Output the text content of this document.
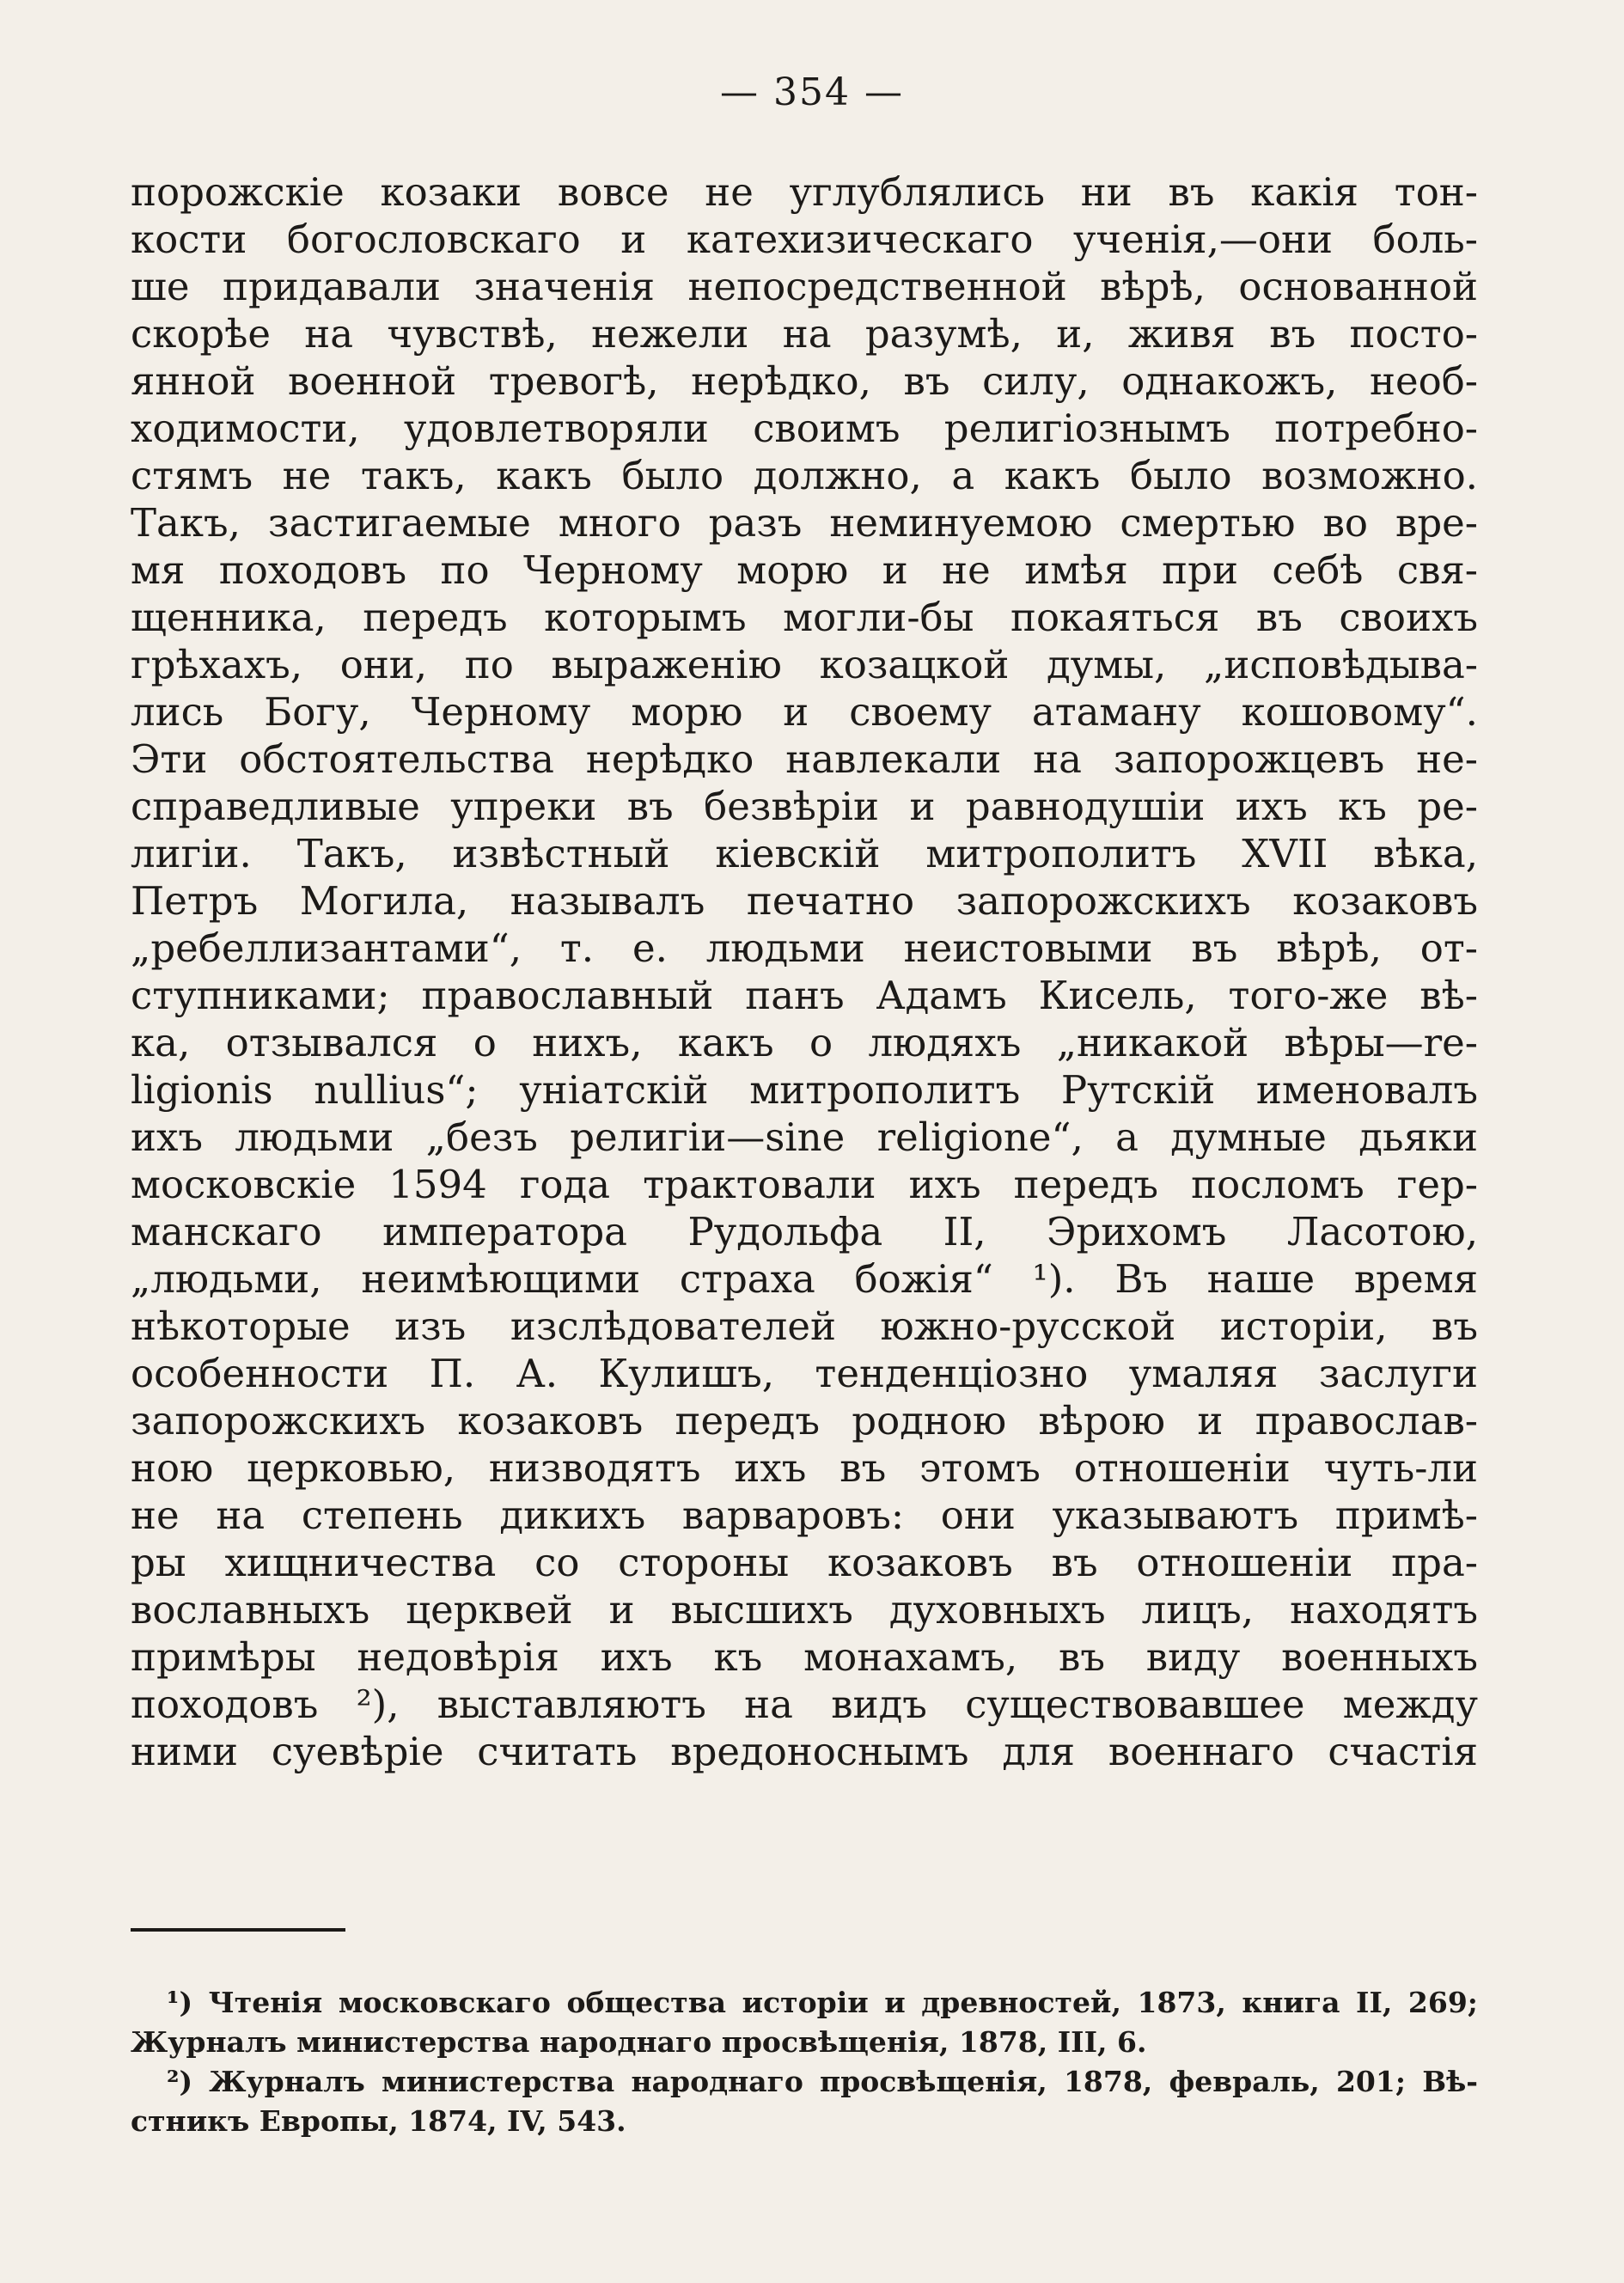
— 354 —
порожскіе козаки вовсе не углублялись ни въ какія тон-
кости богословскаго и катехизическаго ученія,—они боль-
ше придавали значенія непосредственной вѣрѣ, основанной
скорѣе на чувствѣ, нежели на разумѣ, и, живя въ посто-
янной военной тревогѣ, нерѣдко, въ силу, однакожъ, необ-
ходимости, удовлетворяли своимъ религіознымъ потребно-
стямъ не такъ, какъ было должно, а какъ было возможно.
Такъ, застигаемые много разъ неминуемою смертью во вре-
мя походовъ по Черному морю и не имѣя при себѣ свя-
щенника, передъ которымъ могли-бы покаяться въ своихъ
грѣхахъ, они, по выраженію козацкой думы, „исповѣдыва-
лись Богу, Черному морю и своему атаману кошовому“.
Эти обстоятельства нерѣдко навлекали на запорожцевъ не-
справедливые упреки въ безвѣріи и равнодушіи ихъ къ ре-
лигіи. Такъ, извѣстный кіевскій митрополитъ XVII вѣка,
Петръ Могила, называлъ печатно запорожскихъ козаковъ
„ребеллизантами“, т. е. людьми неистовыми въ вѣрѣ, от-
ступниками; православный панъ Адамъ Кисель, того-же вѣ-
ка, отзывался о нихъ, какъ о людяхъ „никакой вѣры—re-
ligionis nullius“; уніатскій митрополитъ Рутскій именовалъ
ихъ людьми „безъ религіи—sine religione“, а думные дьяки
московскіе 1594 года трактовали ихъ передъ посломъ гер-
манскаго императора Рудольфа II, Эрихомъ Ласотою,
„людьми, неимѣющими страха божія“ ¹). Въ наше время
нѣкоторые изъ изслѣдователей южно-русской исторіи, въ
особенности П. А. Кулишъ, тенденціозно умаляя заслуги
запорожскихъ козаковъ передъ родною вѣрою и православ-
ною церковью, низводятъ ихъ въ этомъ отношеніи чуть-ли
не на степень дикихъ варваровъ: они указываютъ примѣ-
ры хищничества со стороны козаковъ въ отношеніи пра-
вославныхъ церквей и высшихъ духовныхъ лицъ, находятъ
примѣры недовѣрія ихъ къ монахамъ, въ виду военныхъ
походовъ ²), выставляютъ на видъ существовавшее между
ними суевѣріе считать вредоноснымъ для военнаго счастія
¹) Чтенія московскаго общества исторіи и древностей, 1873, книга II, 269;
Журналъ министерства народнаго просвѣщенія, 1878, III, 6.
²) Журналъ министерства народнаго просвѣщенія, 1878, февраль, 201; Вѣ-
стникъ Европы, 1874, IV, 543.
